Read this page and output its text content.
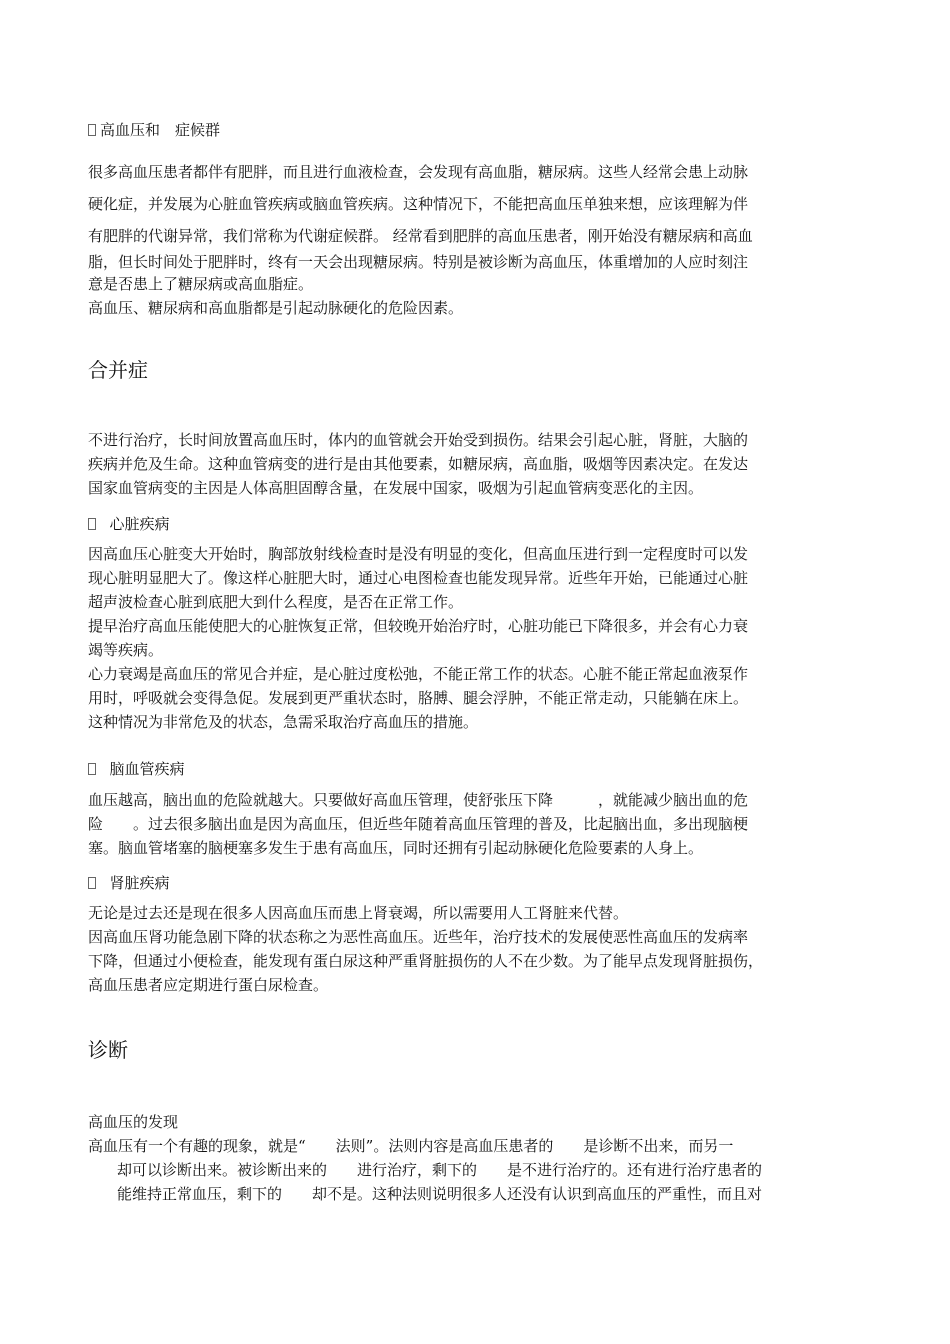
高血压和　症候群
很多高血压患者都伴有肥胖，而且进行血液检查，会发现有高血脂，糖尿病。这些人经常会患上动脉
硬化症，并发展为心脏血管疾病或脑血管疾病。这种情况下，不能把高血压单独来想，应该理解为伴
有肥胖的代谢异常，我们常称为代谢症候群。 经常看到肥胖的高血压患者，刚开始没有糖尿病和高血
脂，但长时间处于肥胖时，终有一天会出现糖尿病。特别是被诊断为高血压，体重增加的人应时刻注
意是否患上了糖尿病或高血脂症。
高血压、糖尿病和高血脂都是引起动脉硬化的危险因素。
合并症
不进行治疗，长时间放置高血压时，体内的血管就会开始受到损伤。结果会引起心脏，肾脏，大脑的
疾病并危及生命。这种血管病变的进行是由其他要素，如糖尿病，高血脂，吸烟等因素决定。在发达
国家血管病变的主因是人体高胆固醇含量，在发展中国家，吸烟为引起血管病变恶化的主因。
心脏疾病
因高血压心脏变大开始时，胸部放射线检查时是没有明显的变化，但高血压进行到一定程度时可以发
现心脏明显肥大了。像这样心脏肥大时，通过心电图检查也能发现异常。近些年开始，已能通过心脏
超声波检查心脏到底肥大到什么程度，是否在正常工作。
提早治疗高血压能使肥大的心脏恢复正常，但较晚开始治疗时，心脏功能已下降很多，并会有心力衰
竭等疾病。
心力衰竭是高血压的常见合并症，是心脏过度松弛，不能正常工作的状态。心脏不能正常起血液泵作
用时，呼吸就会变得急促。发展到更严重状态时，胳膊、腿会浮肿，不能正常走动，只能躺在床上。
这种情况为非常危及的状态，急需采取治疗高血压的措施。
脑血管疾病
血压越高，脑出血的危险就越大。只要做好高血压管理，使舒张压下降　　　，就能减少脑出血的危
险　　。过去很多脑出血是因为高血压，但近些年随着高血压管理的普及，比起脑出血，多出现脑梗
塞。脑血管堵塞的脑梗塞多发生于患有高血压，同时还拥有引起动脉硬化危险要素的人身上。
肾脏疾病
无论是过去还是现在很多人因高血压而患上肾衰竭，所以需要用人工肾脏来代替。
因高血压肾功能急剧下降的状态称之为恶性高血压。近些年，治疗技术的发展使恶性高血压的发病率
下降，但通过小便检查，能发现有蛋白尿这种严重肾脏损伤的人不在少数。为了能早点发现肾脏损伤，
高血压患者应定期进行蛋白尿检查。
诊断
高血压的发现
高血压有一个有趣的现象，就是“　　法则”。法则内容是高血压患者的　　是诊断不出来，而另一
　却可以诊断出来。被诊断出来的　　进行治疗，剩下的　　是不进行治疗的。还有进行治疗患者的
　能维持正常血压，剩下的　　却不是。这种法则说明很多人还没有认识到高血压的严重性，而且对
